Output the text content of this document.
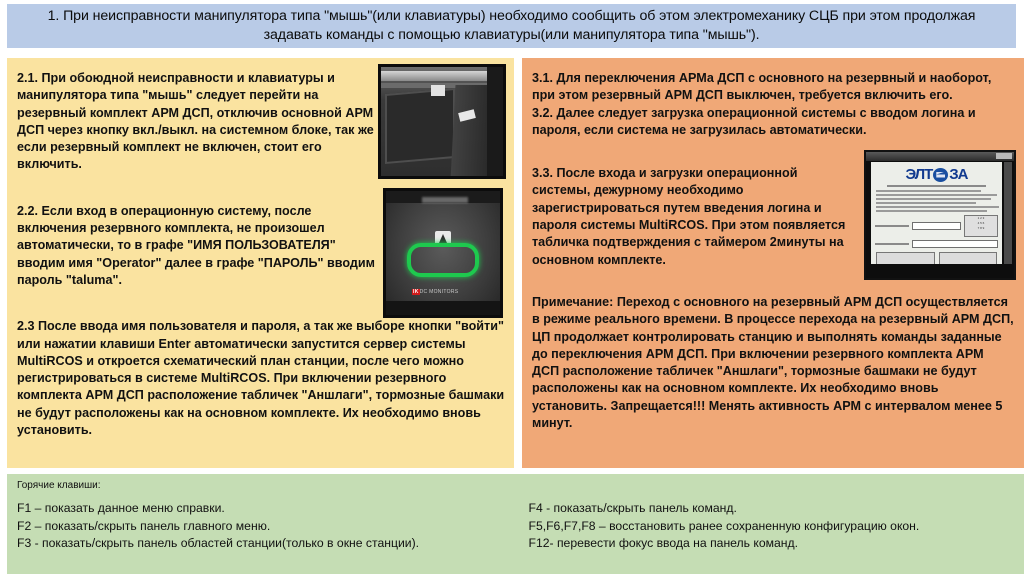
1. При неисправности манипулятора типа "мышь"(или клавиатуры) необходимо сообщить об этом электромеханику СЦБ при этом продолжая задавать команды с помощью клавиатуры(или манипулятора типа "мышь").

2.1. При обоюдной неисправности и клавиатуры и манипулятора типа "мышь" следует перейти на резервный комплект АРМ ДСП, отключив основной АРМ ДСП через кнопку вкл./выкл. на системном блоке, так же если резервный комплект не включен, стоит его включить.

2.2. Если вход в операционную систему, после включения резервного комплекта, не произошел автоматически, то в графе "ИМЯ ПОЛЬЗОВАТЕЛЯ" вводим имя "Operator" далее в графе "ПАРОЛЬ" вводим пароль "taluma".

2.3 После ввода имя пользователя и пароля, а так же выборе кнопки "войти" или нажатии клавиши Enter автоматически запустится сервер системы MultiRCOS и откроется схематический план станции, после чего можно регистрироваться в системе MultiRCOS. При включении резервного комплекта АРМ ДСП расположение табличек "Аншлаги", тормозные башмаки не будут расположены как на основном комплекте. Их необходимо вновь установить.

IKDC MONITORS

3.1. Для переключения АРМа ДСП с основного на резервный и наоборот, при этом резервный АРМ ДСП выключен, требуется включить его.

3.2. Далее следует загрузка операционной системы с вводом логина и пароля, если система не загрузилась автоматически.

3.3. После входа и загрузки операционной системы, дежурному необходимо зарегистрироваться путем введения логина и пароля системы MultiRCOS. При этом появляется табличка подтверждения с таймером 2минуты на основном комплекте.

Примечание: Переход с основного на резервный АРМ ДСП осуществляется в режиме реального времени. В процессе перехода на резервный АРМ ДСП, ЦП продолжает контролировать станцию и выполнять команды заданные до переключения АРМ ДСП. При включении резервного комплекта АРМ ДСП расположение табличек "Аншлаги", тормозные башмаки не будут расположены как на основном комплекте. Их необходимо вновь установить. Запрещается!!! Менять активность АРМ с интервалом менее 5 минут.

ЭЛТ ЗА
1 2 3
4 5 6
7 8 9

Горячие клавиши:

F1 – показать данное меню справки.

F2 – показать/скрыть панель главного меню.

F3 - показать/скрыть панель областей станции(только в окне станции).

F4 - показать/скрыть панель команд.

F5,F6,F7,F8 – восстановить ранее сохраненную конфигурацию окон.

F12- перевести фокус ввода на панель команд.
